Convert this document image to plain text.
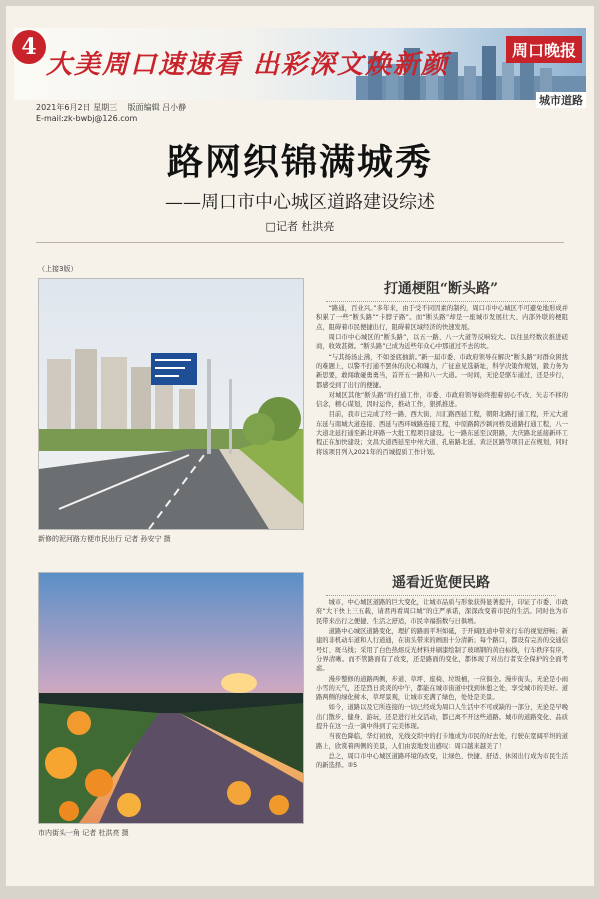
4
大美周口速速看 出彩深文焕新颜	周口晚报
城市道路
2021年6月2日 星期三 版面编辑 吕小静
E-mail:zk-bwbj@126.com
路网织锦满城秀
——周口市中心城区道路建设综述
□记者 杜洪亮
（上接3版）
新修的泥河路方便市民出行 记者 孙安宁 摄
市内街头一角 记者 杜洪亮 摄
打通梗阻“断头路”

“路通，百业兴。”多年来，由于受不同因素的制约，周口市中心城区不可避免地形成并积累了一些“断头路”“卡脖子路”。而“断头路”却是一座城市发展壮大、内部外联的梗阻点，阻碍着市民便捷出行，阻碍着区域经济的快速发展。

周口市中心城区的“断头路”，以五一路、八一大道等反响较大。以往虽经数次推进磋商，收效甚微。“断头路”已成为近些年众心中那道过不去的坎。

“与其扬汤止沸，不如釜底抽薪。”新一届市委、市政府领导在解决“断头路”对群众困扰的难题上，以警不打通不罢休的决心和魄力，广征意见选新址，科学决策作规划，毅力务为新思要，敢闯敢碰勇勇当，首开五一路和八一大道。一时间，无论是驱车通过，还是步行，都感受到了出行的便捷。

对城区其他“断头路”的打通工作，市委、市政府领导始终抱着初心不改、矢志不移的信念，精心谋划，因时运作，推动工作，狠抓推进。

目前，我市已完成了经一路、西大街、川汇路西延工程，朝阳北路打通工程，开元大道东延与南城大道连接、西延与西环城路连接工程，中原路跨沙颍河桥及道路打通工程，八一大道北延打通至新北环路一大批工程项目建设。七一路东延至汉阳路，大庆路北延接新环工程正在加快建设；文昌大道西延至中州大道、孔庙路北延、黄泛区路等项目正在规划，同时将该项目列入2021年的百城提质工作计划。

遥看近览便民路

城市，中心城区道路的巨大变化，让城市品质与形象获得显著提升，印证了市委、市政府“大干快上三五载，请君再看周口城”的庄严承诺，深深改变着市民的生活。同时也为市民带来出行之便捷、生活之舒适，市民幸福指数与日俱增。

道路中心城区道路变化，理扩的路面平坦如砥，于开阔匝道中带来行车的视觉舒畅；新建的非机动车道和人行道通，在街头带来的画面十分清新；每个路口，都设有完善的交通信号灯、斑马线；采用了白色热熔反光材料并刷漆绘制了玻璃钢的黄白标线，行车秩序有序，分界清晰。而不管路面有了改变，还是路面的变化，都体现了对出行者安全保护的全面考虑。

漫步整修的道路两侧，步道、草坪、座椅、垃圾桶，一应俱全。漫步街头，无论是小雨小雪的天气，还是烈日炎炎的中午，都能在城市街道中找到休憩之处，享受城市的美好。道路两侧的绿化树木，草坪景观，让城市充满了绿色，处处是美景。

如今，道路以及它所连接的一切已经成为周口人生活中不可或缺的一部分，无论是早晚出门散步、健身、游玩，还是进行社交活动，都已离不开这些道路。城市的道路变化、品质提升在这一点一滴中得到了完美体现。

当夜色降临，华灯初放，光线交织中的打卡地成为市民的好去处，行驶在宽阔平坦的道路上，欣赏着两侧的美景，人们由衷地发出感叹：周口越来越美了！

总之，周口市中心城区道路环境的改变，让绿色、快捷、舒适、休闲出行成为市民生活的新选择。②5
